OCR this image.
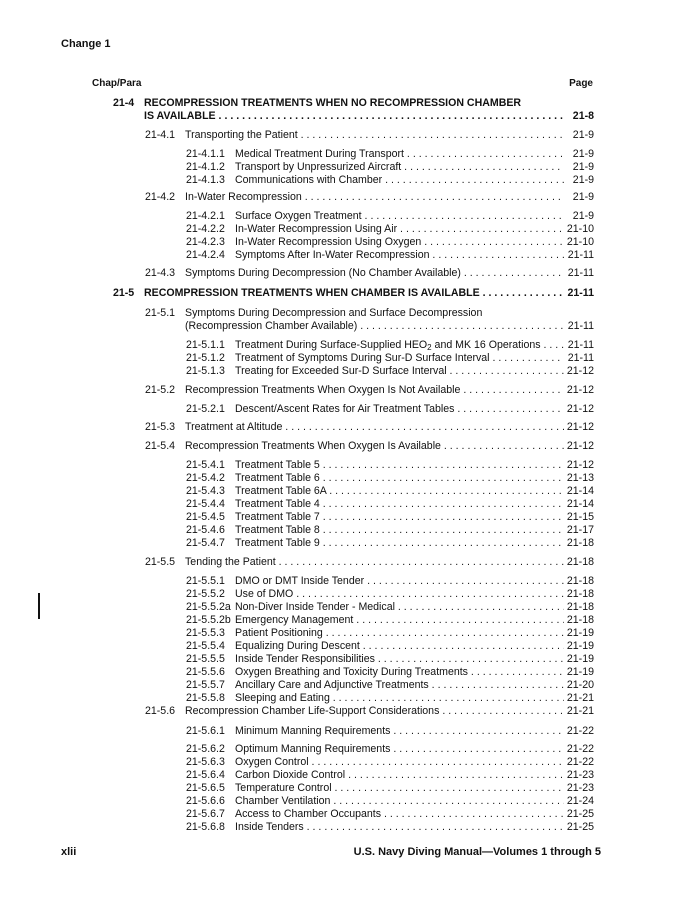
Change 1
Chap/Para	Page
21-4 RECOMPRESSION TREATMENTS WHEN NO RECOMPRESSION CHAMBER
IS AVAILABLE . . .	21-8
21-4.1 Transporting the Patient . . .	21-9
21-4.1.1 Medical Treatment During Transport . . .	21-9
21-4.1.2 Transport by Unpressurized Aircraft . . .	21-9
21-4.1.3 Communications with Chamber . . .	21-9
21-4.2 In-Water Recompression . . .	21-9
21-4.2.1 Surface Oxygen Treatment . . .	21-9
21-4.2.2 In-Water Recompression Using Air . . .	21-10
21-4.2.3 In-Water Recompression Using Oxygen . . .	21-10
21-4.2.4 Symptoms After In-Water Recompression . . .	21-11
21-4.3 Symptoms During Decompression (No Chamber Available) . . .	21-11
21-5 RECOMPRESSION TREATMENTS WHEN CHAMBER IS AVAILABLE . . .	21-11
21-5.1 Symptoms During Decompression and Surface Decompression
(Recompression Chamber Available) . . .	21-11
21-5.1.1 Treatment During Surface-Supplied $HEO_2$ and MK 16 Operations . . .	21-11
21-5.1.2 Treatment of Symptoms During Sur-D Surface Interval . . .	21-11
21-5.1.3 Treating for Exceeded Sur-D Surface Interval . . .	21-12
21-5.2 Recompression Treatments When Oxygen Is Not Available . . .	21-12
21-5.2.1 Descent/Ascent Rates for Air Treatment Tables . . .	21-12
21-5.3 Treatment at Altitude . . .	21-12
21-5.4 Recompression Treatments When Oxygen Is Available . . .	21-12
21-5.4.1 Treatment Table 5 . . .	21-12
21-5.4.2 Treatment Table 6 . . .	21-13
21-5.4.3 Treatment Table 6A . . .	21-14
21-5.4.4 Treatment Table 4 . . .	21-14
21-5.4.5 Treatment Table 7 . . .	21-15
21-5.4.6 Treatment Table 8 . . .	21-17
21-5.4.7 Treatment Table 9 . . .	21-18
21-5.5 Tending the Patient . . .	21-18
21-5.5.1 DMO or DMT Inside Tender . . .	21-18
21-5.5.2 Use of DMO . . .	21-18
21-5.5.2a Non-Diver Inside Tender - Medical . . .	21-18
21-5.5.2b Emergency Management . . .	21-18
21-5.5.3 Patient Positioning . . .	21-19
21-5.5.4 Equalizing During Descent . . .	21-19
21-5.5.5 Inside Tender Responsibilities . . .	21-19
21-5.5.6 Oxygen Breathing and Toxicity During Treatments . . .	21-19
21-5.5.7 Ancillary Care and Adjunctive Treatments . . .	21-20
21-5.5.8 Sleeping and Eating . . .	21-21
21-5.6 Recompression Chamber Life-Support Considerations . . .	21-21
21-5.6.1 Minimum Manning Requirements . . .	21-22
21-5.6.2 Optimum Manning Requirements . . .	21-22
21-5.6.3 Oxygen Control . . .	21-22
21-5.6.4 Carbon Dioxide Control . . .	21-23
21-5.6.5 Temperature Control . . .	21-23
21-5.6.6 Chamber Ventilation . . .	21-24
21-5.6.7 Access to Chamber Occupants . . .	21-25
21-5.6.8 Inside Tenders . . .	21-25
xlii	U.S. Navy Diving Manual—Volumes 1 through 5
